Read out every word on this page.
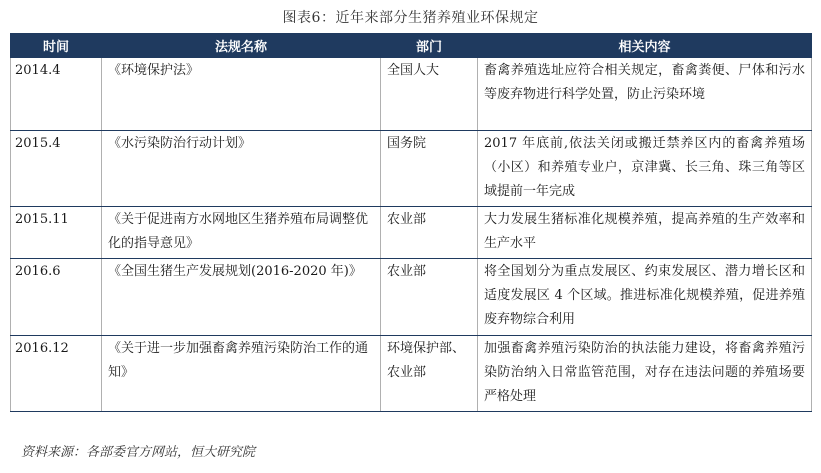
图表6：近年来部分生猪养殖业环保规定
时间	法规名称	部门	相关内容
2014.4	《环境保护法》	全国人大	畜禽养殖选址应符合相关规定，畜禽粪便、尸体和污水等废弃物进行科学处置，防止污染环境
2015.4	《水污染防治行动计划》	国务院	2017 年底前,依法关闭或搬迁禁养区内的畜禽养殖场（小区）和养殖专业户，京津冀、长三角、珠三角等区域提前一年完成
2015.11	《关于促进南方水网地区生猪养殖布局调整优化的指导意见》	农业部	大力发展生猪标准化规模养殖，提高养殖的生产效率和生产水平
2016.6	《全国生猪生产发展规划(2016-2020 年)》	农业部	将全国划分为重点发展区、约束发展区、潜力增长区和适度发展区 4 个区域。推进标准化规模养殖，促进养殖废弃物综合利用
2016.12	《关于进一步加强畜禽养殖污染防治工作的通知》	环境保护部、农业部	加强畜禽养殖污染防治的执法能力建设，将畜禽养殖污染防治纳入日常监管范围，对存在违法问题的养殖场要严格处理
资料来源：各部委官方网站，恒大研究院
